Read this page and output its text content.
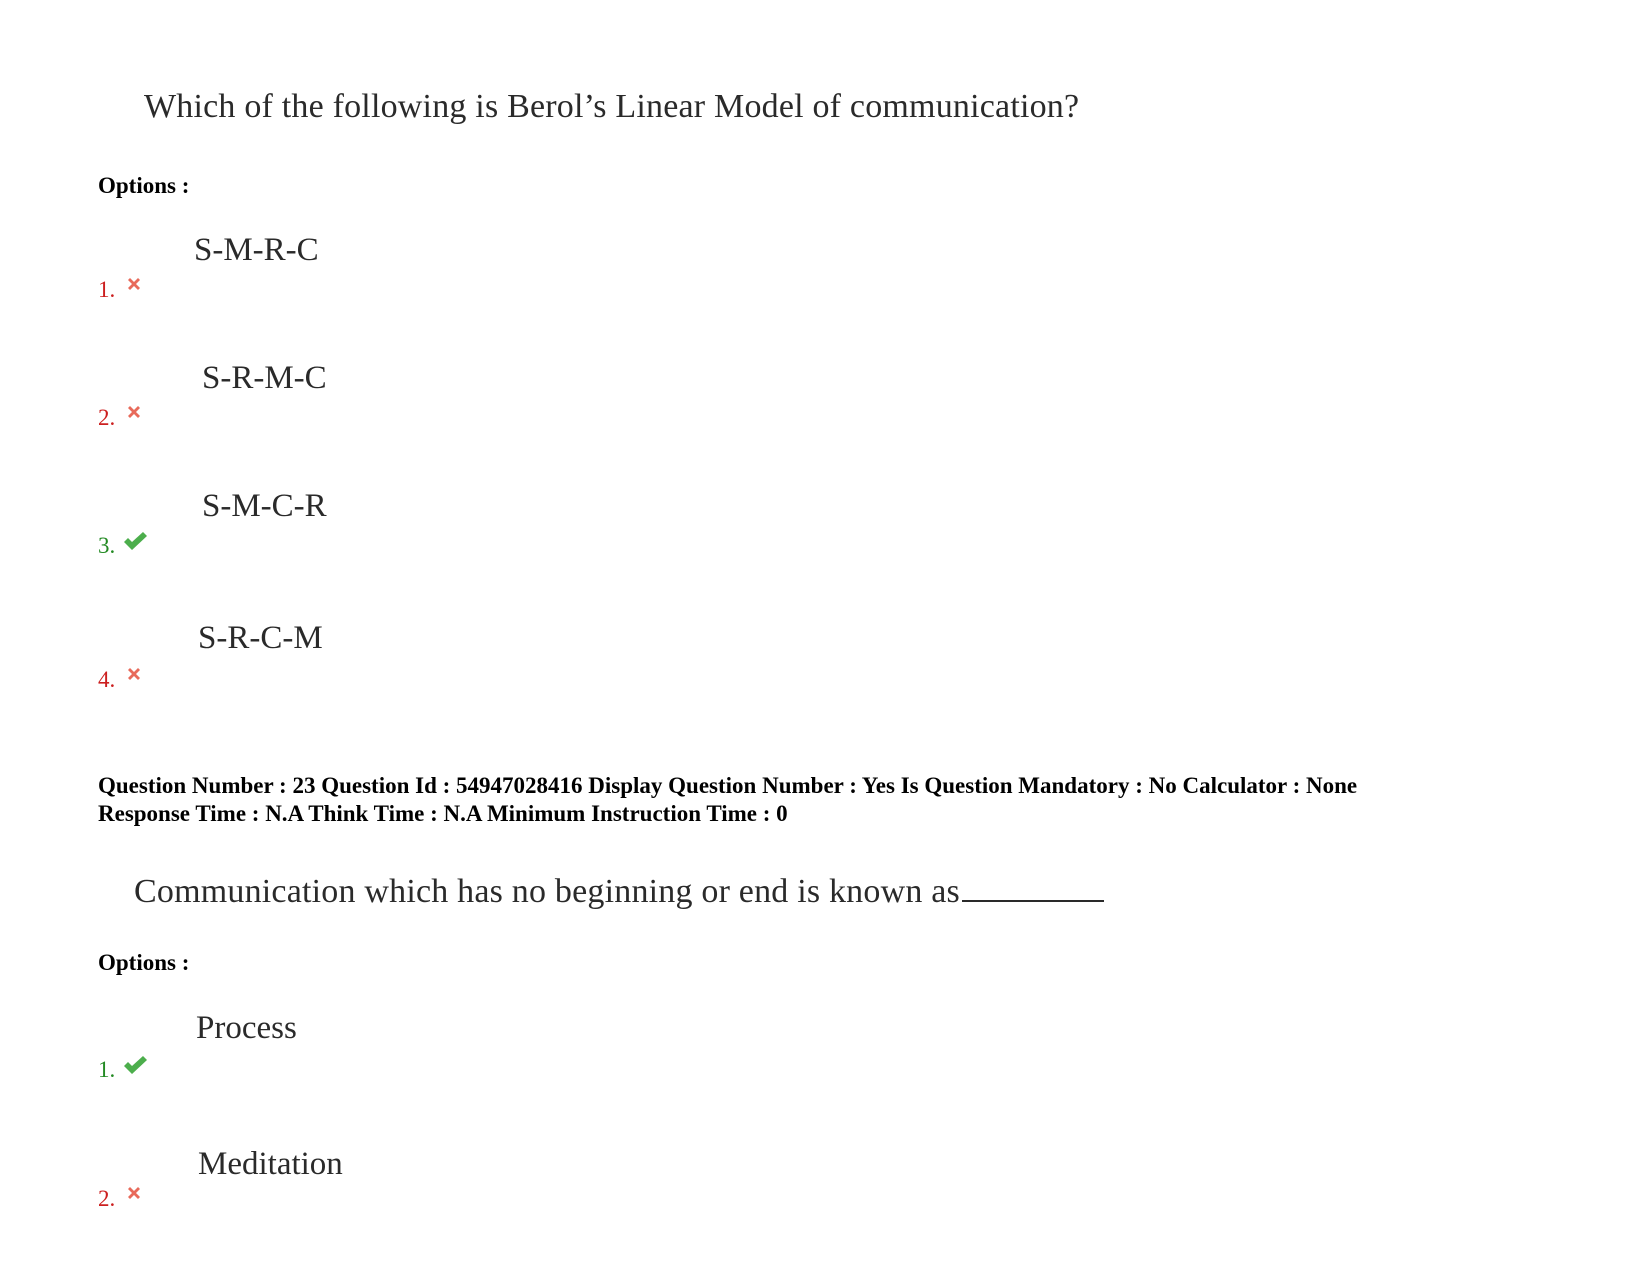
Which of the following is Berol’s Linear Model of communication?
Options :
S-M-R-C
1.
S-R-M-C
2.
S-M-C-R
3.
S-R-C-M
4.
Question Number : 23 Question Id : 54947028416 Display Question Number : Yes Is Question Mandatory : No Calculator : None
Response Time : N.A Think Time : N.A Minimum Instruction Time : 0
Communication which has no beginning or end is known as
Options :
Process
1.
Meditation
2.
